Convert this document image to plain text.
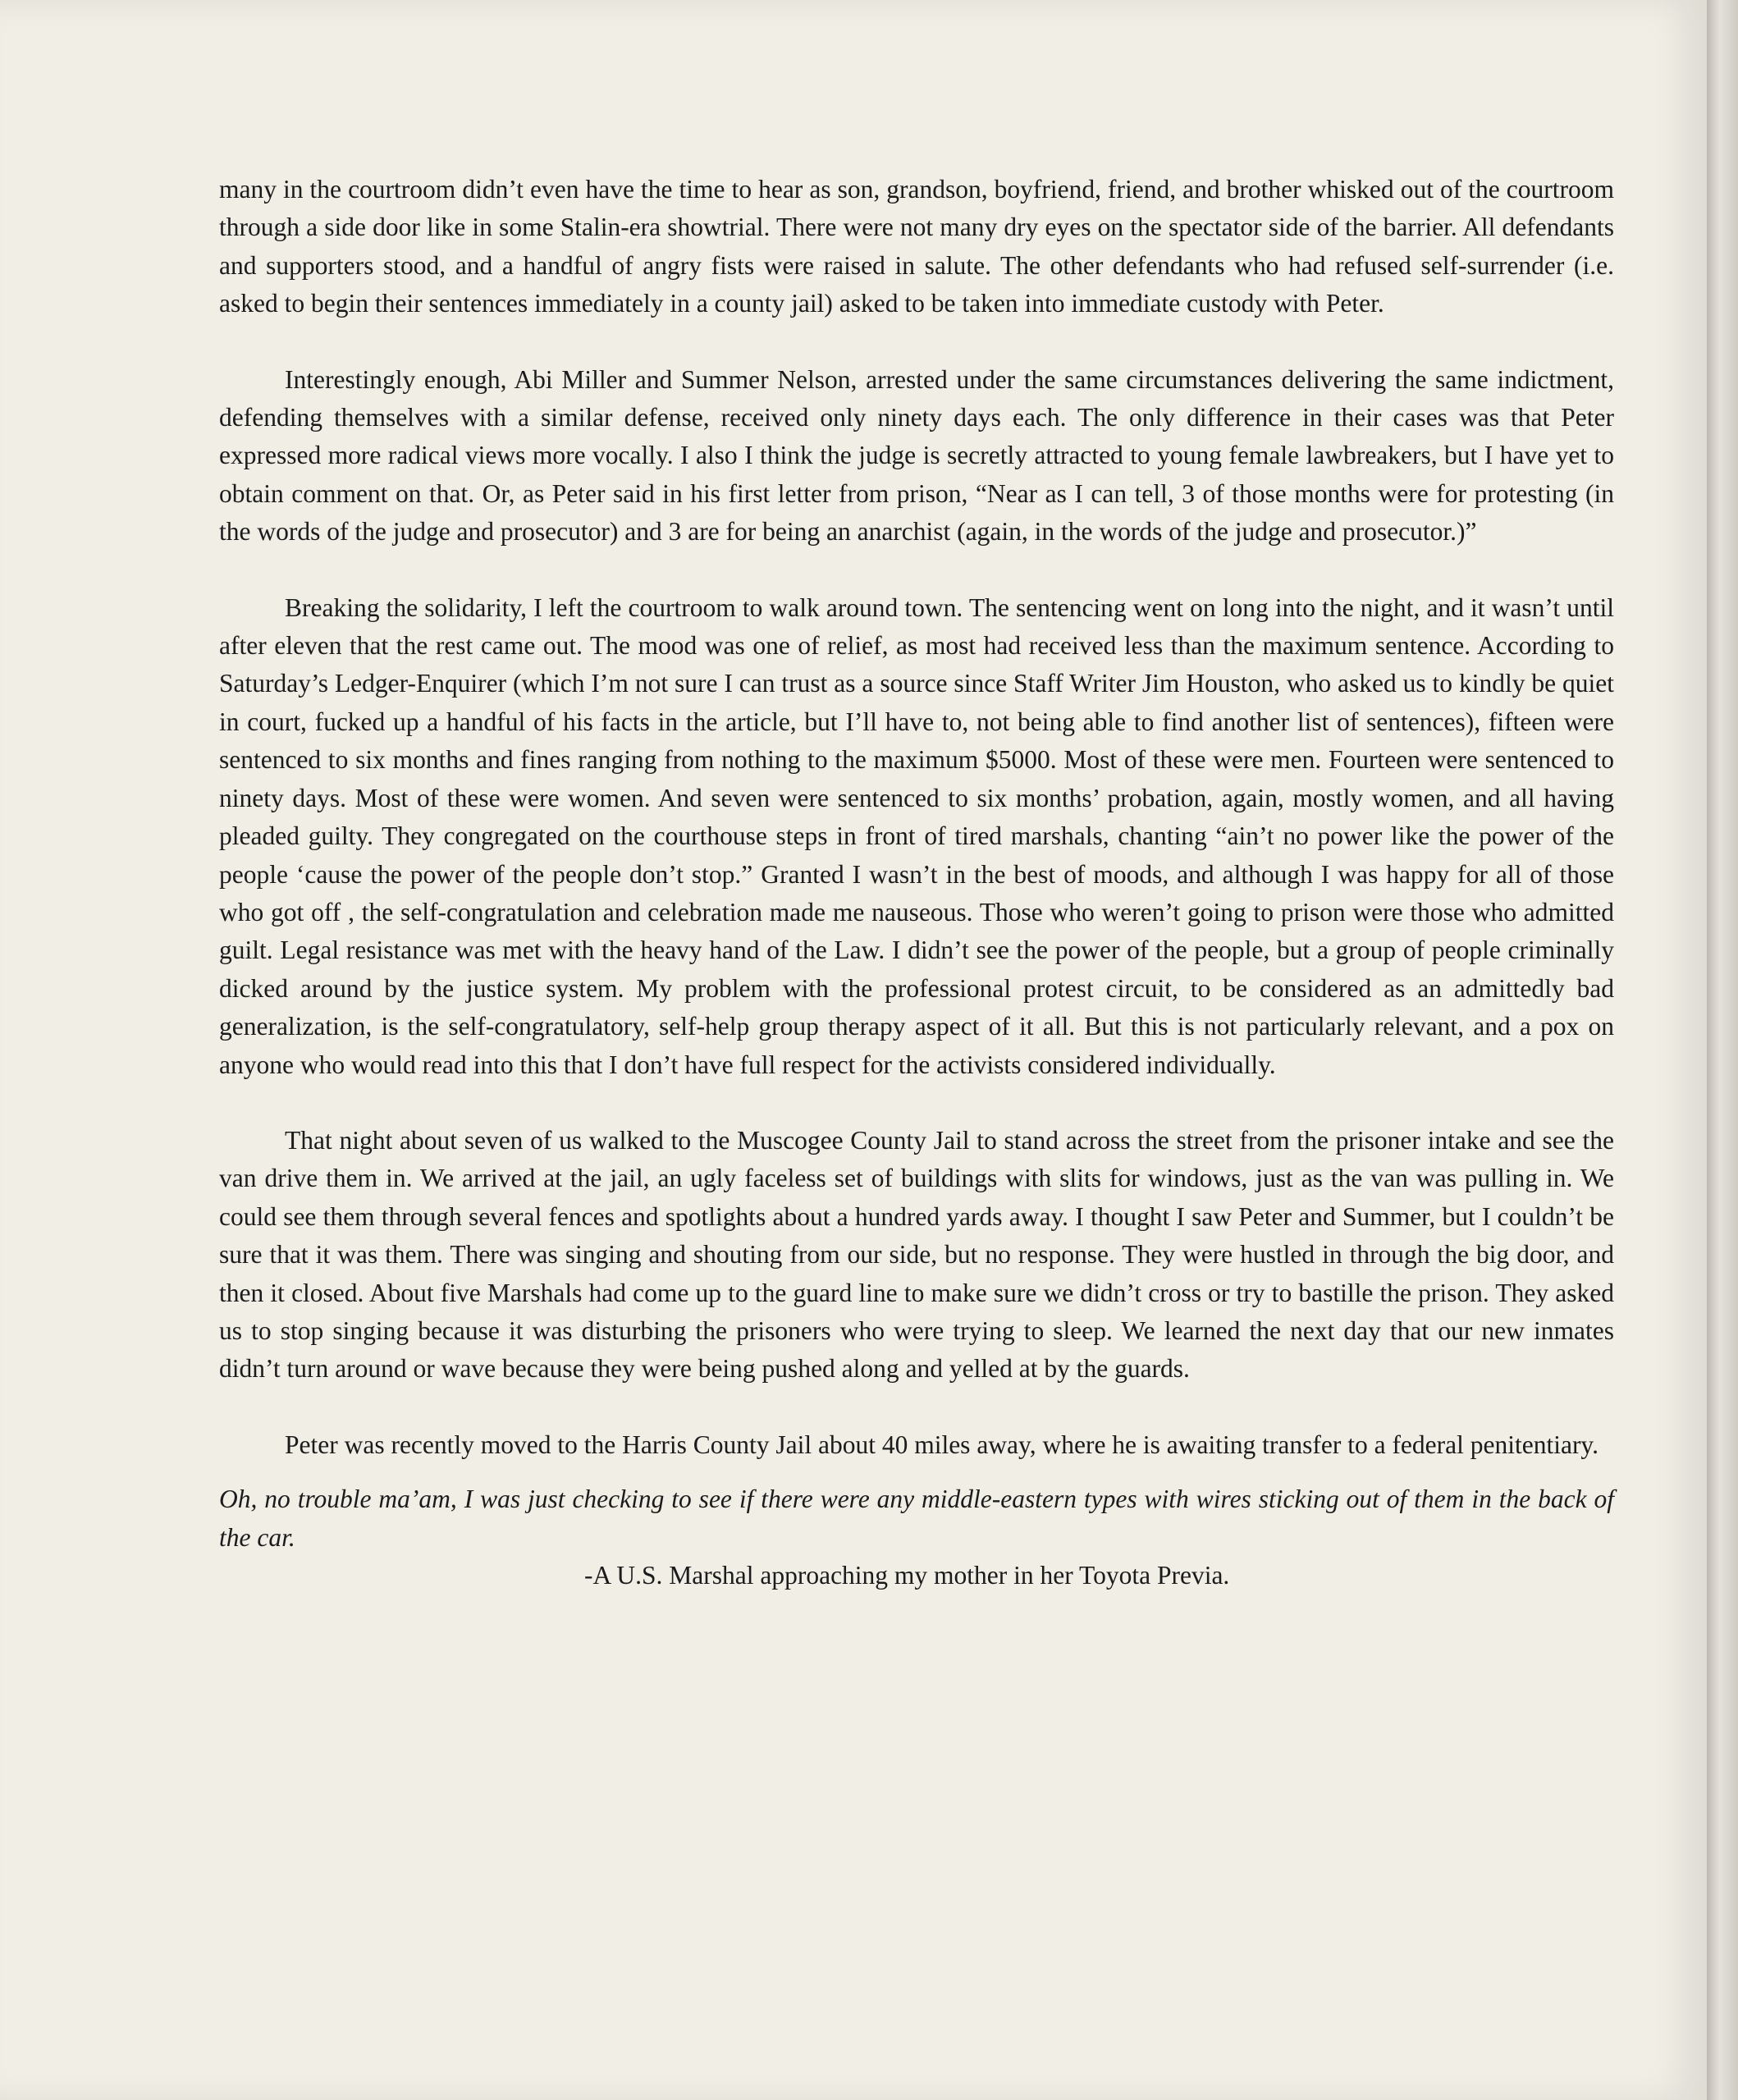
many in the courtroom didn’t even have the time to hear as son, grandson, boyfriend, friend, and brother whisked out of the courtroom through a side door like in some Stalin-era showtrial. There were not many dry eyes on the spectator side of the barrier. All defendants and supporters stood, and a handful of angry fists were raised in salute. The other defendants who had refused self-surrender (i.e. asked to begin their sentences immediately in a county jail) asked to be taken into immediate custody with Peter.

Interestingly enough, Abi Miller and Summer Nelson, arrested under the same circumstances delivering the same indictment, defending themselves with a similar defense, received only ninety days each. The only difference in their cases was that Peter expressed more radical views more vocally. I also I think the judge is secretly attracted to young female lawbreakers, but I have yet to obtain comment on that. Or, as Peter said in his first letter from prison, “Near as I can tell, 3 of those months were for protesting (in the words of the judge and prosecutor) and 3 are for being an anarchist (again, in the words of the judge and prosecutor.)”

Breaking the solidarity, I left the courtroom to walk around town. The sentencing went on long into the night, and it wasn’t until after eleven that the rest came out. The mood was one of relief, as most had received less than the maximum sentence. According to Saturday’s Ledger-Enquirer (which I’m not sure I can trust as a source since Staff Writer Jim Houston, who asked us to kindly be quiet in court, fucked up a handful of his facts in the article, but I’ll have to, not being able to find another list of sentences), fifteen were sentenced to six months and fines ranging from nothing to the maximum $5000. Most of these were men. Fourteen were sentenced to ninety days. Most of these were women. And seven were sentenced to six months’ probation, again, mostly women, and all having pleaded guilty. They congregated on the courthouse steps in front of tired marshals, chanting “ain’t no power like the power of the people ‘cause the power of the people don’t stop.” Granted I wasn’t in the best of moods, and although I was happy for all of those who got off , the self-congratulation and celebration made me nauseous. Those who weren’t going to prison were those who admitted guilt. Legal resistance was met with the heavy hand of the Law. I didn’t see the power of the people, but a group of people criminally dicked around by the justice system. My problem with the professional protest circuit, to be considered as an admittedly bad generalization, is the self-congratulatory, self-help group therapy aspect of it all. But this is not particularly relevant, and a pox on anyone who would read into this that I don’t have full respect for the activists considered individually.

That night about seven of us walked to the Muscogee County Jail to stand across the street from the prisoner intake and see the van drive them in. We arrived at the jail, an ugly faceless set of buildings with slits for windows, just as the van was pulling in. We could see them through several fences and spotlights about a hundred yards away. I thought I saw Peter and Summer, but I couldn’t be sure that it was them. There was singing and shouting from our side, but no response. They were hustled in through the big door, and then it closed. About five Marshals had come up to the guard line to make sure we didn’t cross or try to bastille the prison. They asked us to stop singing because it was disturbing the prisoners who were trying to sleep. We learned the next day that our new inmates didn’t turn around or wave because they were being pushed along and yelled at by the guards.

Peter was recently moved to the Harris County Jail about 40 miles away, where he is awaiting transfer to a federal penitentiary.

Oh, no trouble ma’am, I was just checking to see if there were any middle-eastern types with wires sticking out of them in the back of the car.

-A U.S. Marshal approaching my mother in her Toyota Previa.
